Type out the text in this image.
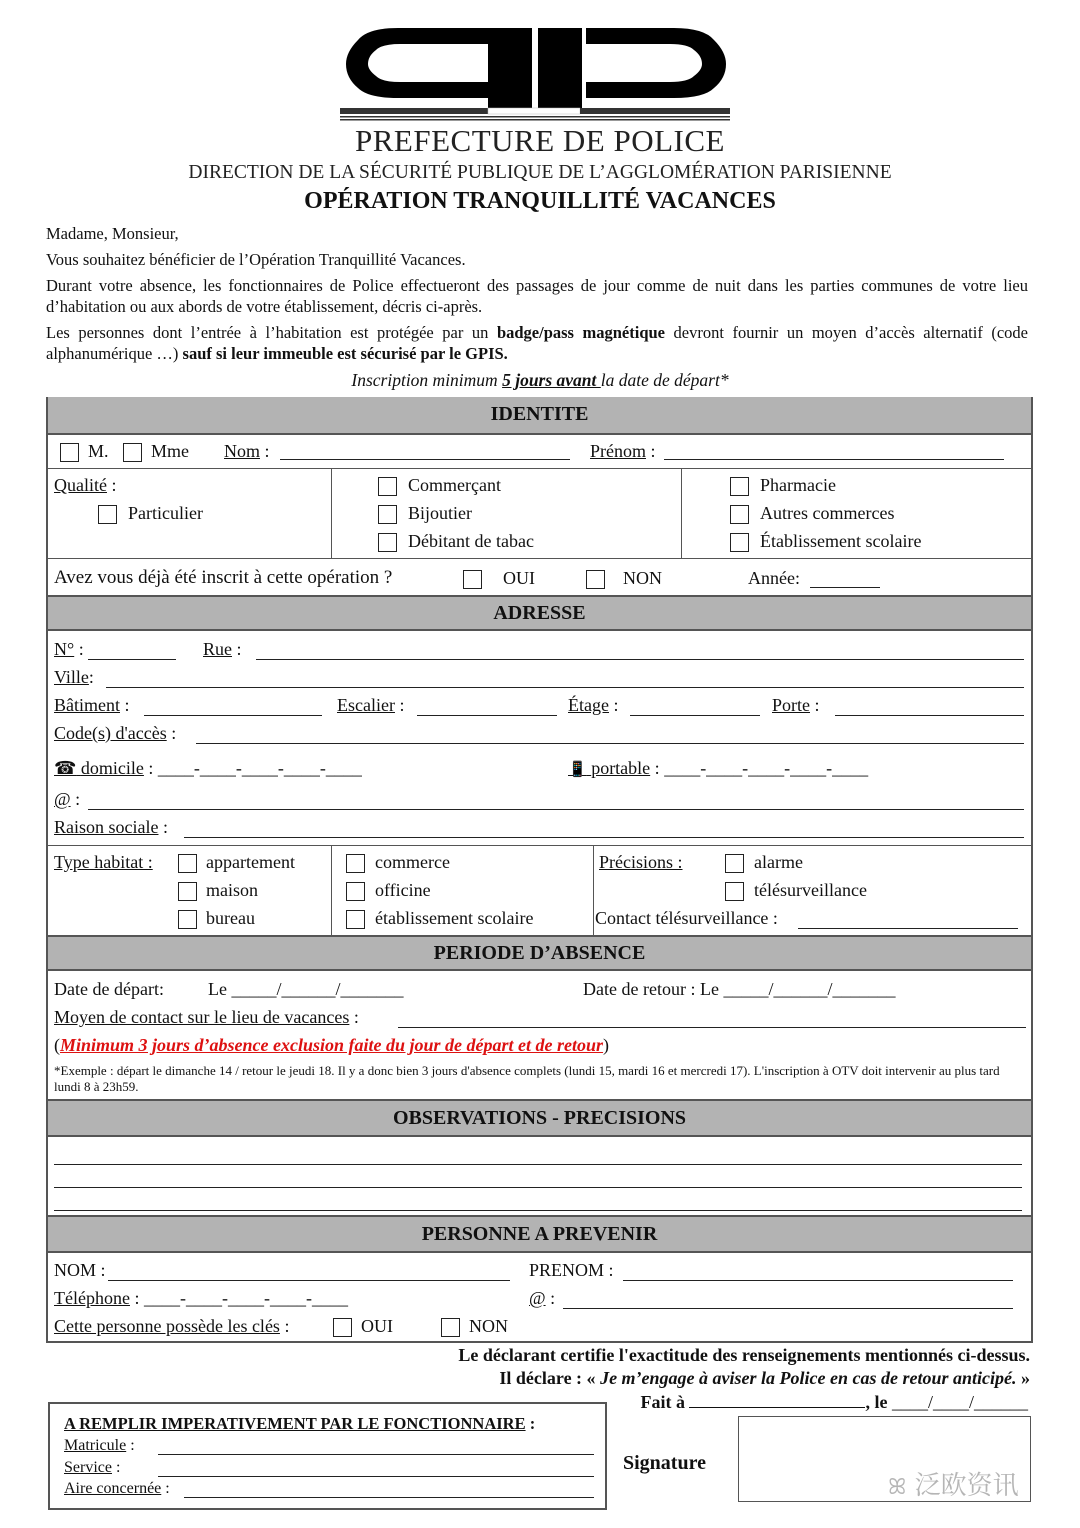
PREFECTURE DE POLICE
DIRECTION DE LA SÉCURITÉ PUBLIQUE DE L’AGGLOMÉRATION PARISIENNE
OPÉRATION TRANQUILLITÉ VACANCES
Madame, Monsieur,
Vous souhaitez bénéficier de l’Opération Tranquillité Vacances.
Durant votre absence, les fonctionnaires de Police effectueront des passages de jour comme de nuit dans les parties communes de votre lieu d’habitation ou aux abords de votre établissement, décris ci-après.
Les personnes dont l’entrée à l’habitation est protégée par un badge/pass magnétique devront fournir un moyen d’accès alternatif (code alphanumérique …) sauf si leur immeuble est sécurisé par le GPIS.
Inscription minimum 5 jours avant la date de départ*
IDENTITE
M. Mme Nom :	Prénom :
Qualité :
Particulier
Commerçant
Bijoutier
Débitant de tabac
Pharmacie
Autres commerces
Établissement scolaire
Avez vous déjà été inscrit à cette opération ?	OUI	NON	Année:
ADRESSE
N° :	Rue :
Ville:
Bâtiment :	Escalier :	Étage :	Porte :
Code(s) d'accès :
☎ domicile : ____-____-____-____-____	📱 portable : ____-____-____-____-____
@ :
Raison sociale :
Type habitat :	appartement
maison
bureau
commerce
officine
établissement scolaire
Précisions :	alarme
télésurveillance
Contact télésurveillance :
PERIODE D’ABSENCE
Date de départ: Le _____/______/_______	Date de retour : Le _____/______/_______
Moyen de contact sur le lieu de vacances :
(Minimum 3 jours d’absence exclusion faite du jour de départ et de retour)
*Exemple : départ le dimanche 14 / retour le jeudi 18. Il y a donc bien 3 jours d'absence complets (lundi 15, mardi 16 et mercredi 17). L'inscription à OTV doit intervenir au plus tard lundi 8 à 23h59.
OBSERVATIONS - PRECISIONS
PERSONNE A PREVENIR
NOM :	PRENOM :
Téléphone : ____-____-____-____-____	@ :
Cette personne possède les clés :	OUI	NON
Le déclarant certifie l'exactitude des renseignements mentionnés ci-dessus.
Il déclare : « Je m’engage à aviser la Police en cas de retour anticipé. »
Fait à	, le ____/____/______
A REMPLIR IMPERATIVEMENT PAR LE FONCTIONNAIRE :
Matricule :
Service :
Aire concernée :
Signature
ꕤ 泛欧资讯
